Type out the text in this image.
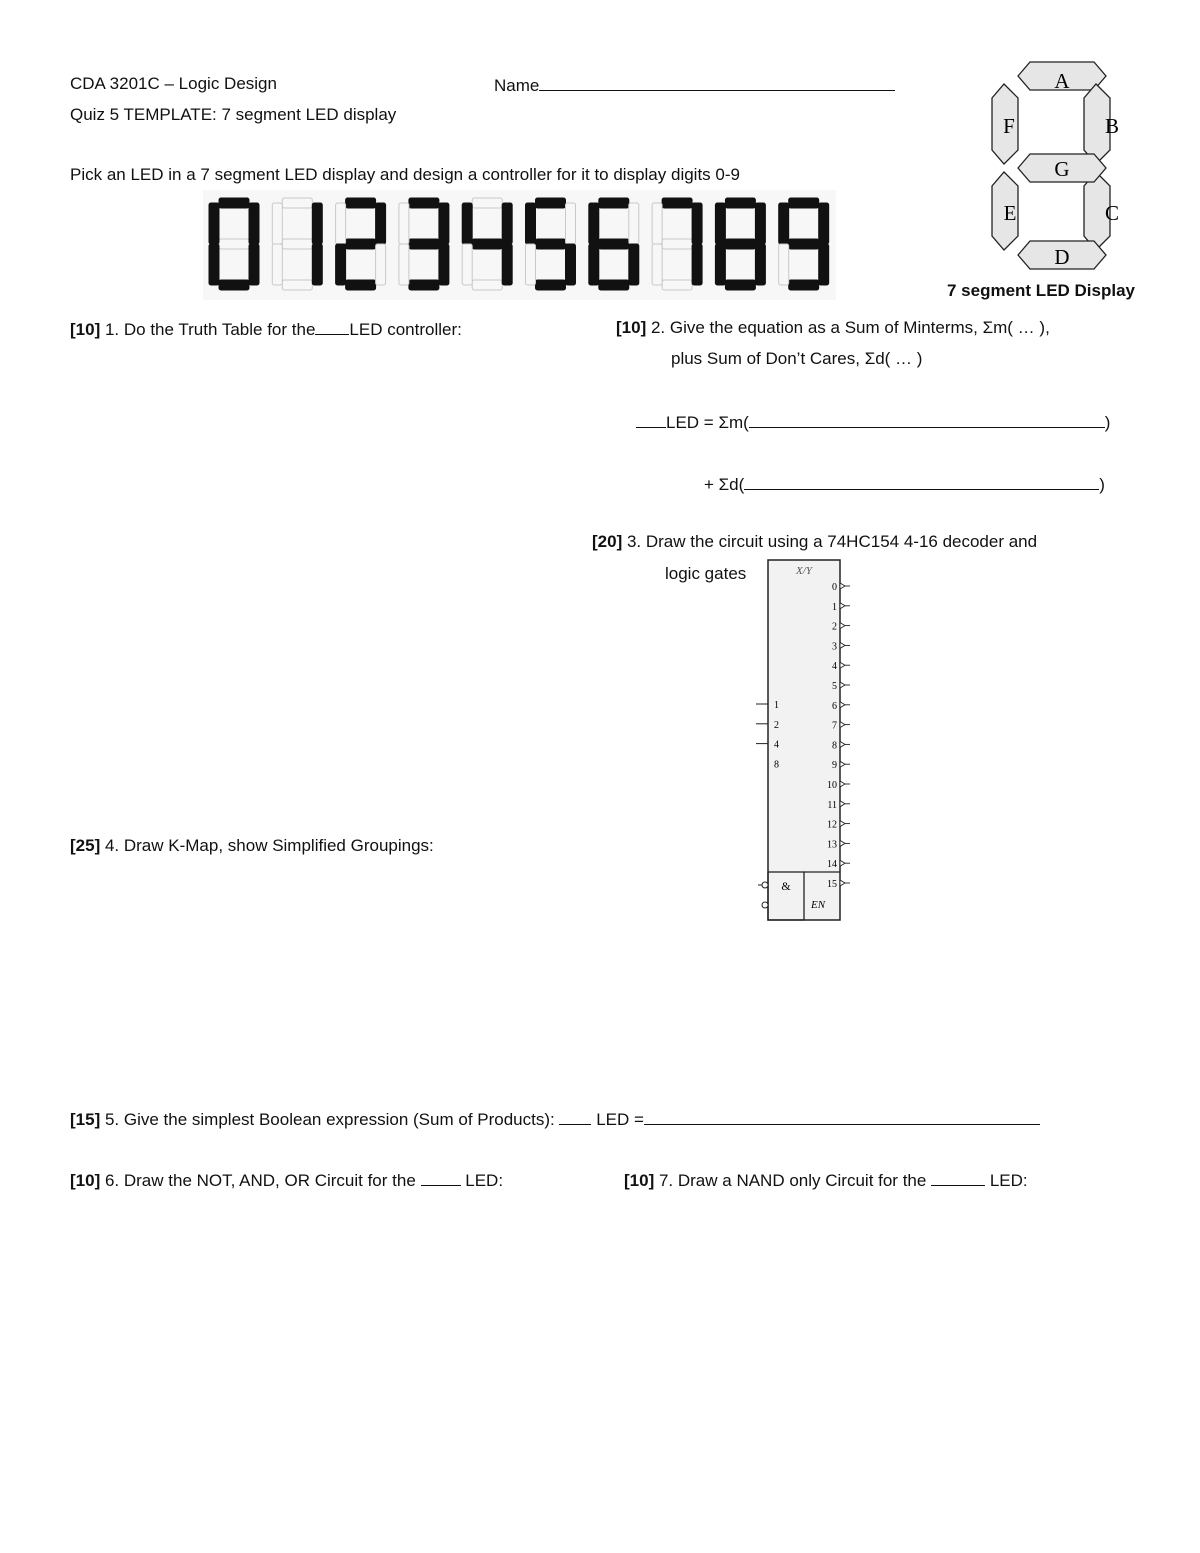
CDA 3201C – Logic Design
Quiz 5 TEMPLATE: 7 segment LED display
Name
Pick an LED in a 7 segment LED display and design a controller for it to display digits 0-9
A
B
C
D
E
F
G
7 segment LED Display
[10] 1. Do the Truth Table for the LED controller:	[10] 2. Give the equation as a Sum of Minterms, Σm( … ),
plus Sum of Don’t Cares, Σd( … )
LED = Σm(	)
+ Σd(	)
[20] 3. Draw the circuit using a 74HC154 4-16 decoder and
logic gates	X/Y
&
EN
0
1
2
3
4
5
6
7
8
9
10
11
12
13
14
15
1
2
4
8
[25] 4. Draw K-Map, show Simplified Groupings:
[15] 5. Give the simplest Boolean expression (Sum of Products): LED =
[10] 6. Draw the NOT, AND, OR Circuit for the	LED:	[10] 7. Draw a NAND only Circuit for the	LED:
